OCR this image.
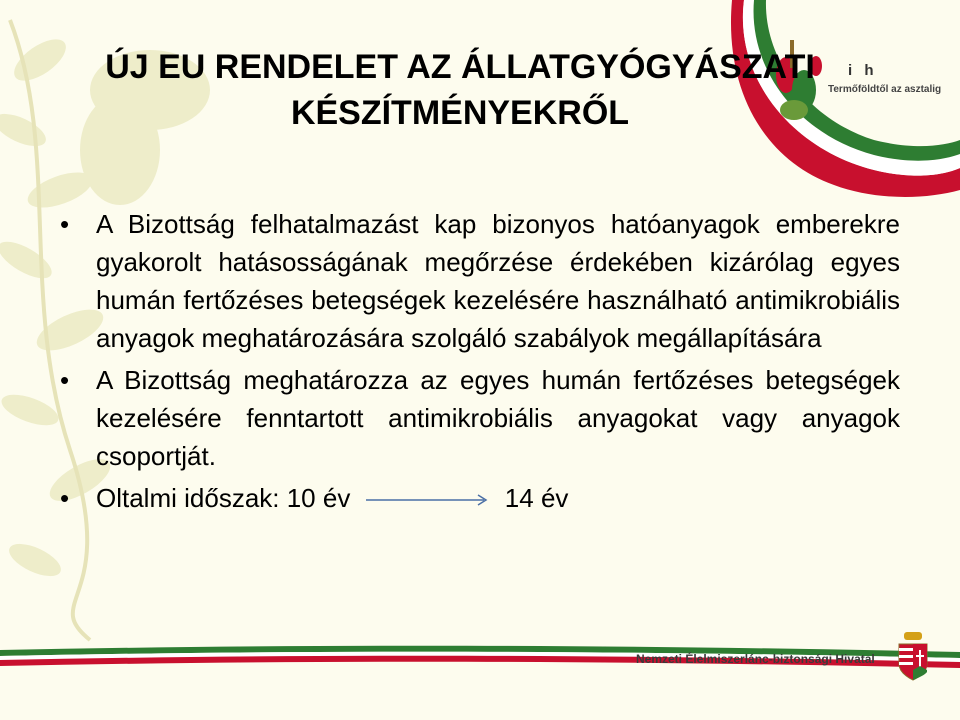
i h
Termőföldtől az asztalig
ÚJ EU RENDELET AZ ÁLLATGYÓGYÁSZATI
KÉSZÍTMÉNYEKRŐL
• A Bizottság felhatalmazást kap bizonyos hatóanyagok emberekre gyakorolt hatásosságának megőrzése érdekében kizárólag egyes humán fertőzéses betegségek kezelésére használható antimikrobiális anyagok meghatározására szolgáló szabályok megállapítására
• A Bizottság meghatározza az egyes humán fertőzéses betegségek kezelésére fenntartott antimikrobiális anyagokat vagy anyagok csoportját.
• Oltalmi időszak: 10 év	14 év
Nemzeti Élelmiszerlánc-biztonsági Hivatal
